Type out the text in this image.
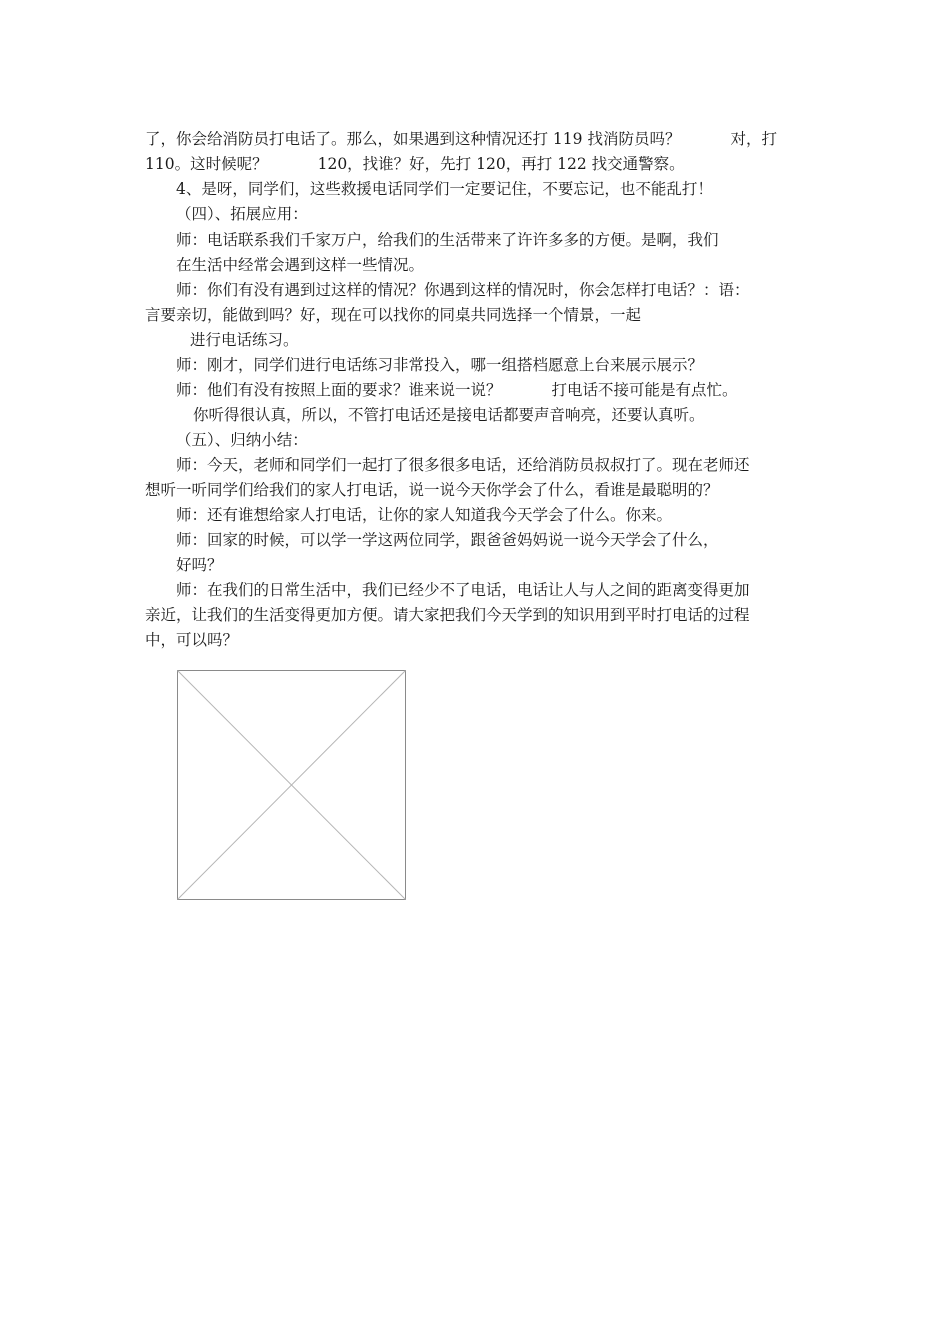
了，你会给消防员打电话了。那么，如果遇到这种情况还打 119 找消防员吗？	对，打
110。这时候呢？	120，找谁？好，先打 120，再打 122 找交通警察。
4、是呀，同学们，这些救援电话同学们一定要记住，不要忘记，也不能乱打！
（四）、拓展应用：
师：电话联系我们千家万户，给我们的生活带来了许许多多的方便。是啊，我们
在生活中经常会遇到这样一些情况。
师：你们有没有遇到过这样的情况？你遇到这样的情况时，你会怎样打电话？：语：
言要亲切，能做到吗？好，现在可以找你的同桌共同选择一个情景，一起
进行电话练习。
师：刚才，同学们进行电话练习非常投入，哪一组搭档愿意上台来展示展示？
师：他们有没有按照上面的要求？谁来说一说？	打电话不接可能是有点忙。
你听得很认真，所以，不管打电话还是接电话都要声音响亮，还要认真听。
（五）、归纳小结：
师：今天，老师和同学们一起打了很多很多电话，还给消防员叔叔打了。现在老师还
想听一听同学们给我们的家人打电话，说一说今天你学会了什么，看谁是最聪明的？
师：还有谁想给家人打电话，让你的家人知道我今天学会了什么。你来。
师：回家的时候，可以学一学这两位同学，跟爸爸妈妈说一说今天学会了什么，
好吗？
师：在我们的日常生活中，我们已经少不了电话，电话让人与人之间的距离变得更加
亲近，让我们的生活变得更加方便。请大家把我们今天学到的知识用到平时打电话的过程
中，可以吗？
